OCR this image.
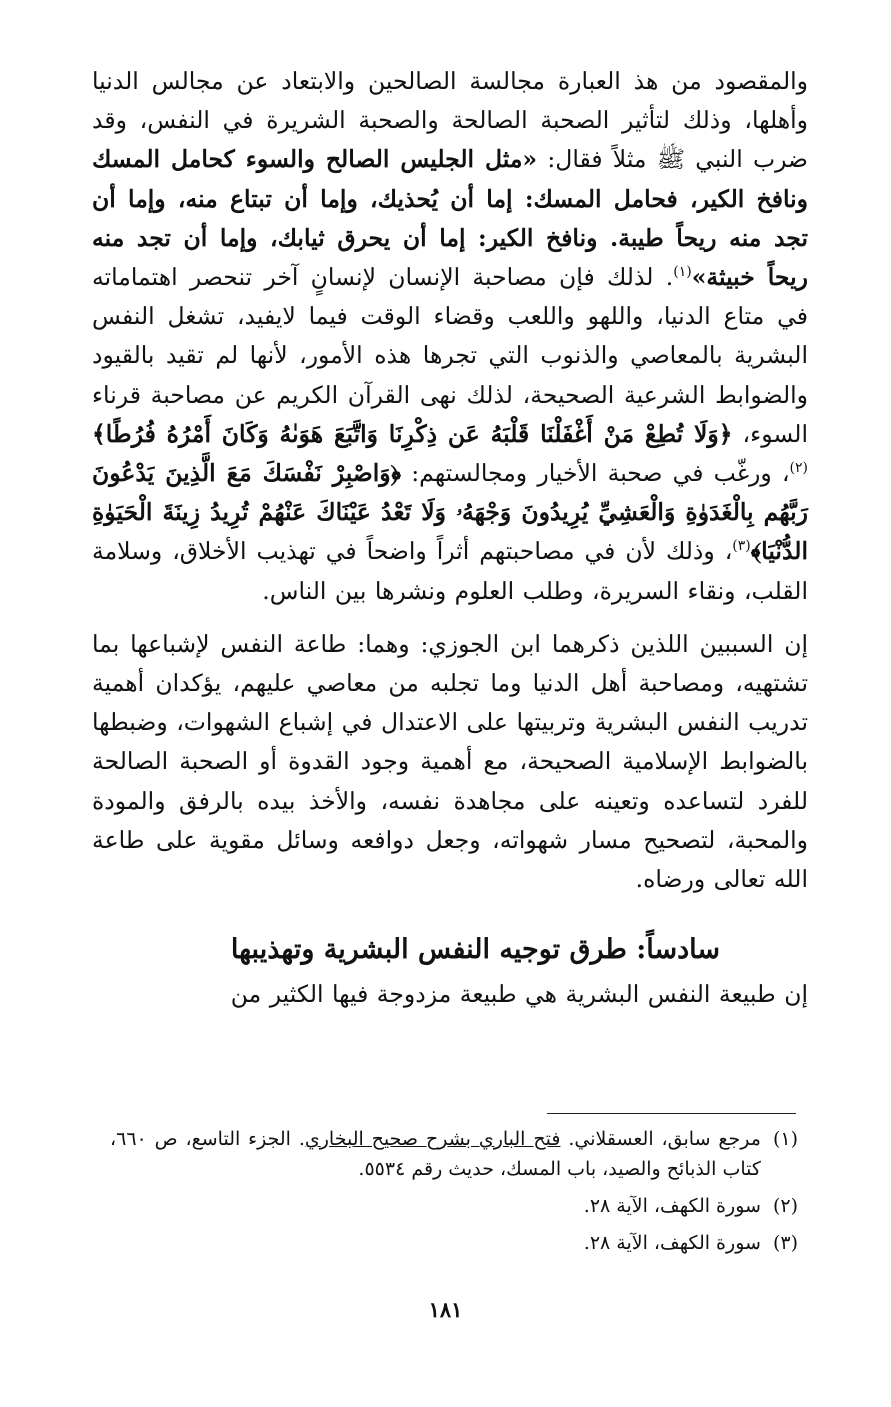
والمقصود من هذ العبارة مجالسة الصالحين والابتعاد عن مجالس الدنيا وأهلها، وذلك لتأثير الصحبة الصالحة والصحبة الشريرة في النفس، وقد ضرب النبي ﷺ مثلاً فقال: «مثل الجليس الصالح والسوء كحامل المسك ونافخ الكير، فحامل المسك: إما أن يُحذيك، وإما أن تبتاع منه، وإما أن تجد منه ريحاً طيبة. ونافخ الكير: إما أن يحرق ثيابك، وإما أن تجد منه ريحاً خبيثة»$^{(١)}$. لذلك فإن مصاحبة الإنسان لإنسانٍ آخر تنحصر اهتماماته في متاع الدنيا، واللهو واللعب وقضاء الوقت فيما لايفيد، تشغل النفس البشرية بالمعاصي والذنوب التي تجرها هذه الأمور، لأنها لم تقيد بالقيود والضوابط الشرعية الصحيحة، لذلك نهى القرآن الكريم عن مصاحبة قرناء السوء، ﴿وَلَا تُطِعْ مَنْ أَغْفَلْنَا قَلْبَهُ عَن ذِكْرِنَا وَاتَّبَعَ هَوَىٰهُ وَكَانَ أَمْرُهُ فُرُطًا﴾$^{(٢)}$، ورغّب في صحبة الأخيار ومجالستهم: ﴿وَاصْبِرْ نَفْسَكَ مَعَ الَّذِينَ يَدْعُونَ رَبَّهُم بِالْغَدَوٰةِ وَالْعَشِيِّ يُرِيدُونَ وَجْهَهُۥ وَلَا تَعْدُ عَيْنَاكَ عَنْهُمْ تُرِيدُ زِينَةَ الْحَيَوٰةِ الدُّنْيَا﴾$^{(٣)}$، وذلك لأن في مصاحبتهم أثراً واضحاً في تهذيب الأخلاق، وسلامة القلب، ونقاء السريرة، وطلب العلوم ونشرها بين الناس.
إن السببين اللذين ذكرهما ابن الجوزي: وهما: طاعة النفس لإشباعها بما تشتهيه، ومصاحبة أهل الدنيا وما تجلبه من معاصي عليهم، يؤكدان أهمية تدريب النفس البشرية وتربيتها على الاعتدال في إشباع الشهوات، وضبطها بالضوابط الإسلامية الصحيحة، مع أهمية وجود القدوة أو الصحبة الصالحة للفرد لتساعده وتعينه على مجاهدة نفسه، والأخذ بيده بالرفق والمودة والمحبة، لتصحيح مسار شهواته، وجعل دوافعه وسائل مقوية على طاعة الله تعالى ورضاه.
سادساً: طرق توجيه النفس البشرية وتهذيبها
إن طبيعة النفس البشرية هي طبيعة مزدوجة فيها الكثير من
(١)
مرجع سابق، العسقلاني. فتح الباري بشرح صحيح البخاري. الجزء التاسع، ص ٦٦٠، كتاب الذبائح والصيد، باب المسك، حديث رقم ٥٥٣٤.
(٢)
سورة الكهف، الآية ٢٨.
(٣)
سورة الكهف، الآية ٢٨.
١٨١
